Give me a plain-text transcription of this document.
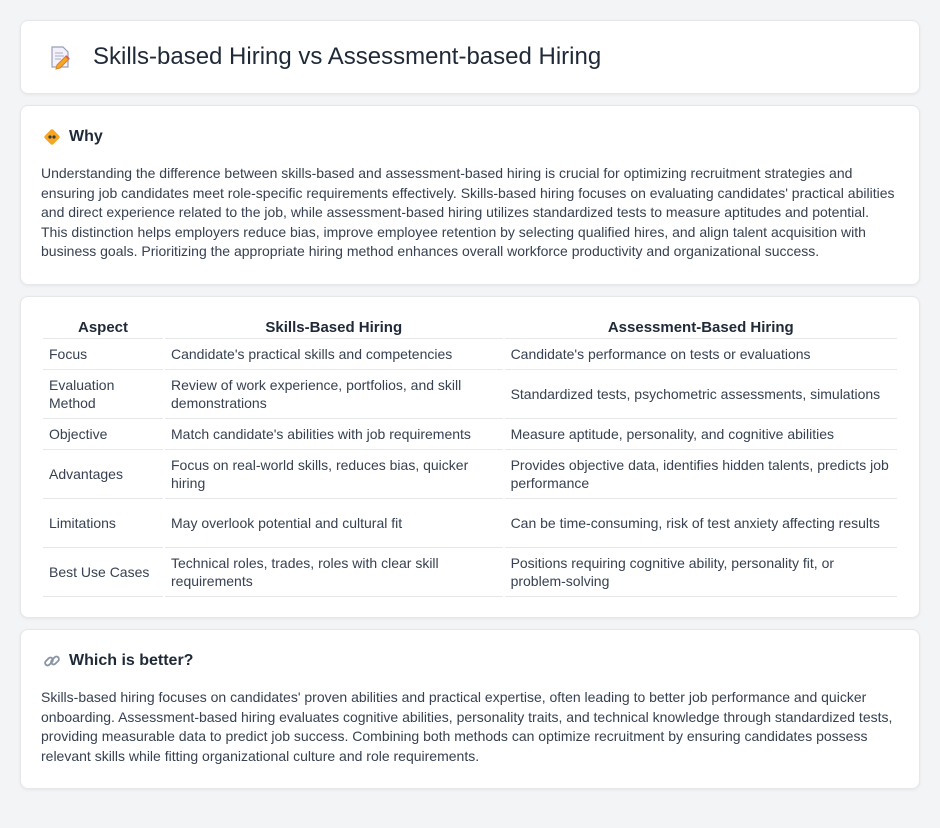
Skills-based Hiring vs Assessment-based Hiring
Why

Understanding the difference between skills-based and assessment-based hiring is crucial for optimizing recruitment strategies and ensuring job candidates meet role-specific requirements effectively. Skills-based hiring focuses on evaluating candidates' practical abilities and direct experience related to the job, while assessment-based hiring utilizes standardized tests to measure aptitudes and potential. This distinction helps employers reduce bias, improve employee retention by selecting qualified hires, and align talent acquisition with business goals. Prioritizing the appropriate hiring method enhances overall workforce productivity and organizational success.

Aspect	Skills-Based Hiring	Assessment-Based Hiring
Focus	Candidate's practical skills and competencies	Candidate's performance on tests or evaluations
Evaluation Method	Review of work experience, portfolios, and skill demonstrations	Standardized tests, psychometric assessments, simulations
Objective	Match candidate's abilities with job requirements	Measure aptitude, personality, and cognitive abilities
Advantages	Focus on real-world skills, reduces bias, quicker hiring	Provides objective data, identifies hidden talents, predicts job performance
Limitations	May overlook potential and cultural fit	Can be time-consuming, risk of test anxiety affecting results
Best Use Cases	Technical roles, trades, roles with clear skill requirements	Positions requiring cognitive ability, personality fit, or problem-solving
Which is better?

Skills-based hiring focuses on candidates' proven abilities and practical expertise, often leading to better job performance and quicker onboarding. Assessment-based hiring evaluates cognitive abilities, personality traits, and technical knowledge through standardized tests, providing measurable data to predict job success. Combining both methods can optimize recruitment by ensuring candidates possess relevant skills while fitting organizational culture and role requirements.
